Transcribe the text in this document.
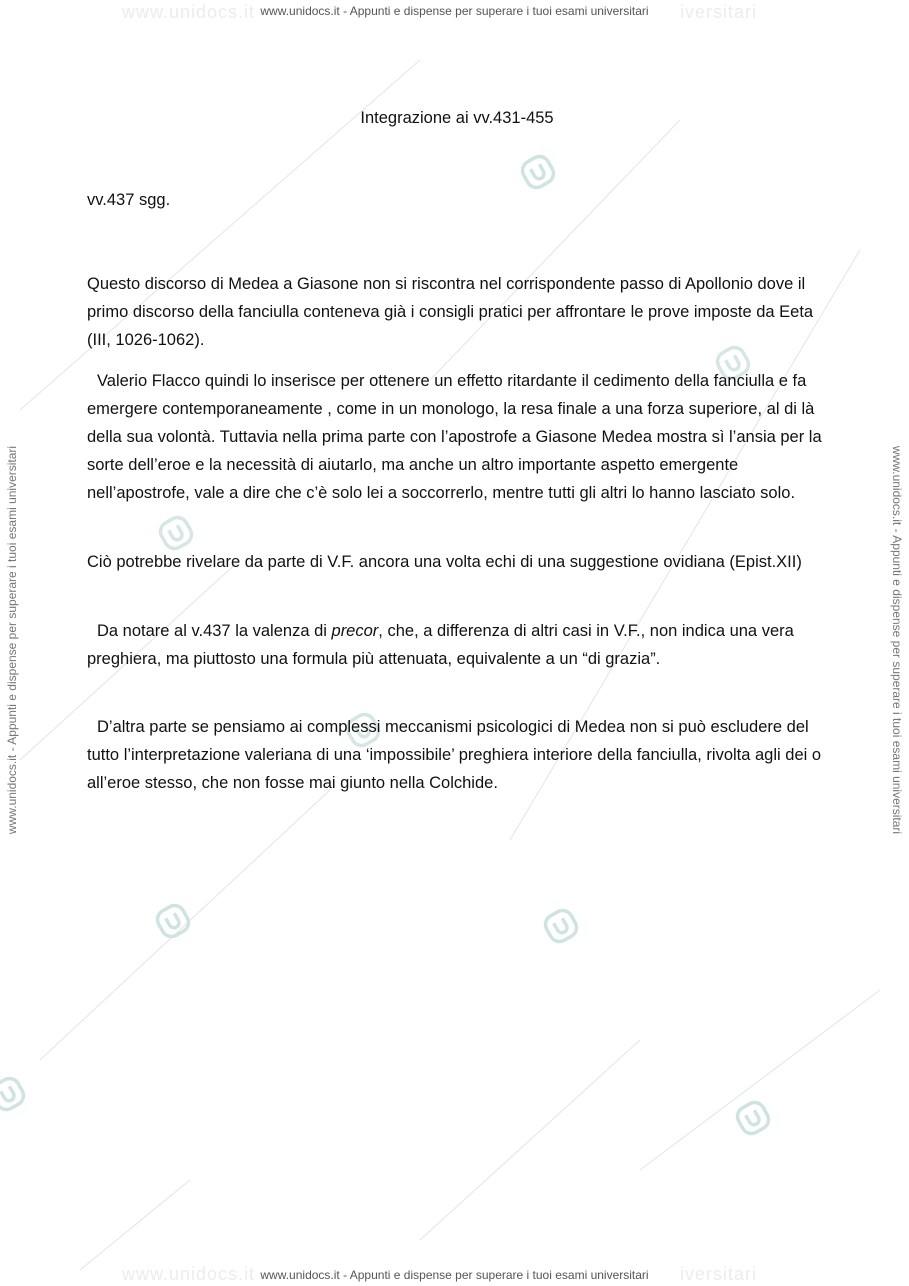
www.unidocs.it
www.unidocs.it	iversitari
iversitari
www.unidocs.it - Appunti e dispense per superare i tuoi esami universitari
www.unidocs.it - Appunti e dispense per superare i tuoi esami universitari
www.unidocs.it - Appunti e dispense per superare i tuoi esami universitari	www.unidocs.it - Appunti e dispense per superare i tuoi esami universitari
Integrazione ai vv.431-455
vv.437 sgg.

Questo discorso di Medea a Giasone non si riscontra nel corrispondente passo di Apollonio dove il primo discorso della fanciulla conteneva già i consigli pratici per affrontare le prove imposte da Eeta (III, 1026-1062).

Valerio Flacco quindi lo inserisce per ottenere un effetto ritardante il cedimento della fanciulla e fa emergere contemporaneamente , come in un monologo, la resa finale a una forza superiore, al di là della sua volontà. Tuttavia nella prima parte con l’apostrofe a Giasone Medea mostra sì l’ansia per la sorte dell’eroe e la necessità di aiutarlo, ma anche un altro importante aspetto emergente nell’apostrofe, vale a dire che c’è solo lei a soccorrerlo, mentre tutti gli altri lo hanno lasciato solo.

Ciò potrebbe rivelare da parte di V.F. ancora una volta echi di una suggestione ovidiana (Epist.XII)

Da notare al v.437 la valenza di precor, che, a differenza di altri casi in V.F., non indica una vera preghiera, ma piuttosto una formula più attenuata, equivalente a un “di grazia”.

D’altra parte se pensiamo ai complessi meccanismi psicologici di Medea non si può escludere del tutto l’interpretazione valeriana di una ‘impossibile’ preghiera interiore della fanciulla, rivolta agli dei o all’eroe stesso, che non fosse mai giunto nella Colchide.
